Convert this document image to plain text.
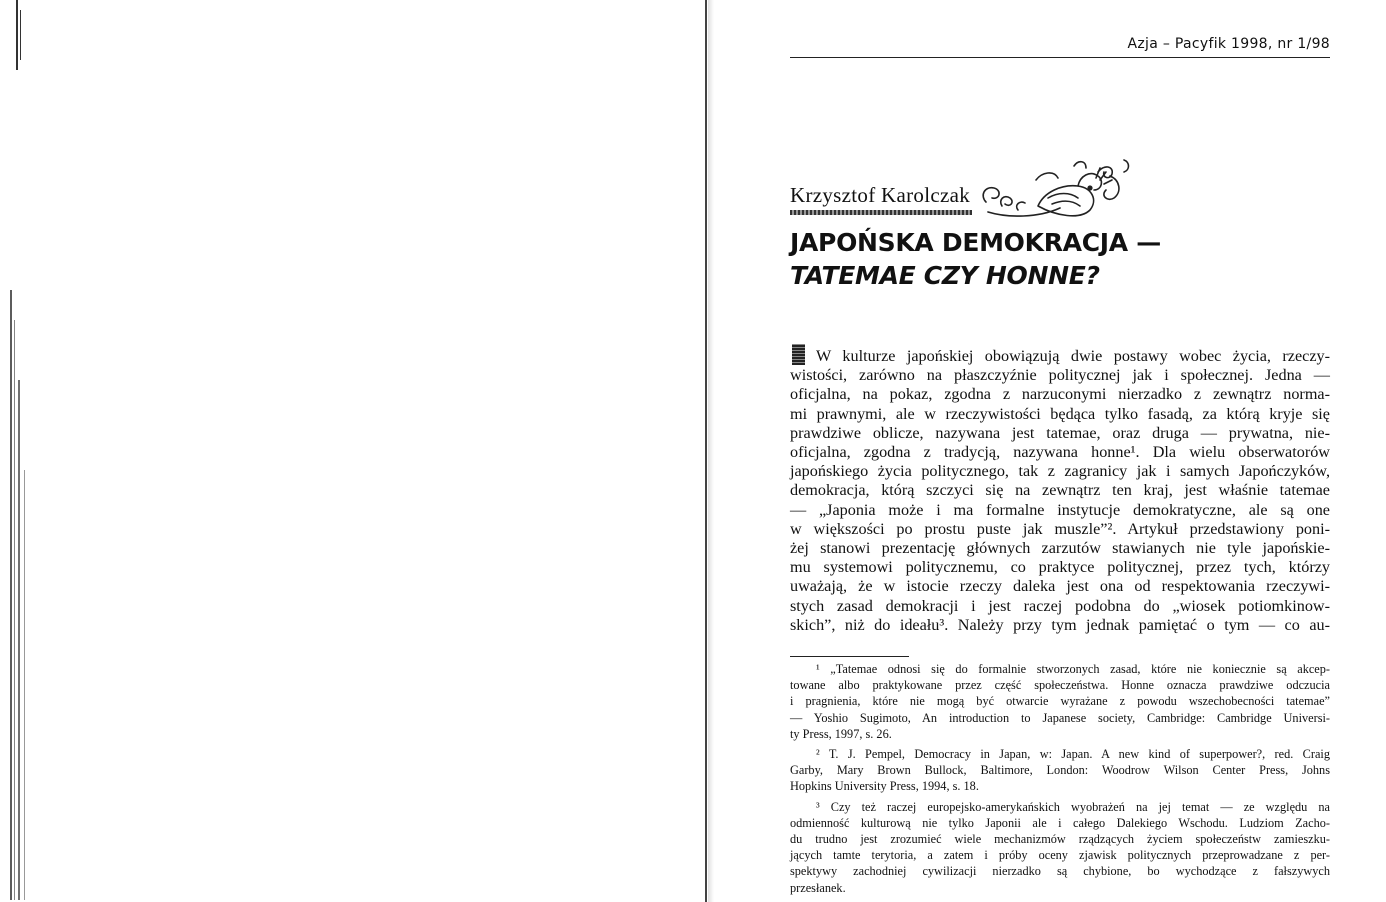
Azja – Pacyfik 1998, nr 1/98
Krzysztof Karolczak
JAPOŃSKA DEMOKRACJA —
TATEMAE CZY HONNE?
W kulturze japońskiej obowiązują dwie postawy wobec życia, rzeczy-
wistości, zarówno na płaszczyźnie politycznej jak i społecznej. Jedna —
oficjalna, na pokaz, zgodna z narzuconymi nierzadko z zewnątrz norma-
mi prawnymi, ale w rzeczywistości będąca tylko fasadą, za którą kryje się
prawdziwe oblicze, nazywana jest tatemae, oraz druga — prywatna, nie-
oficjalna, zgodna z tradycją, nazywana honne¹. Dla wielu obserwatorów
japońskiego życia politycznego, tak z zagranicy jak i samych Japończyków,
demokracja, którą szczyci się na zewnątrz ten kraj, jest właśnie tatemae
— „Japonia może i ma formalne instytucje demokratyczne, ale są one
w większości po prostu puste jak muszle”². Artykuł przedstawiony poni-
żej stanowi prezentację głównych zarzutów stawianych nie tyle japońskie-
mu systemowi politycznemu, co praktyce politycznej, przez tych, którzy
uważają, że w istocie rzeczy daleka jest ona od respektowania rzeczywi-
stych zasad demokracji i jest raczej podobna do „wiosek potiomkinow-
skich”, niż do ideału³. Należy przy tym jednak pamiętać o tym — co au-
¹ „Tatemae odnosi się do formalnie stworzonych zasad, które nie koniecznie są akcep-
towane albo praktykowane przez część społeczeństwa. Honne oznacza prawdziwe odczucia
i pragnienia, które nie mogą być otwarcie wyrażane z powodu wszechobecności tatemae”
— Yoshio Sugimoto, An introduction to Japanese society, Cambridge: Cambridge Universi-
ty Press, 1997, s. 26.
² T. J. Pempel, Democracy in Japan, w: Japan. A new kind of superpower?, red. Craig
Garby, Mary Brown Bullock, Baltimore, London: Woodrow Wilson Center Press, Johns
Hopkins University Press, 1994, s. 18.
³ Czy też raczej europejsko-amerykańskich wyobrażeń na jej temat — ze względu na
odmienność kulturową nie tylko Japonii ale i całego Dalekiego Wschodu. Ludziom Zacho-
du trudno jest zrozumieć wiele mechanizmów rządzących życiem społeczeństw zamieszku-
jących tamte terytoria, a zatem i próby oceny zjawisk politycznych przeprowadzane z per-
spektywy zachodniej cywilizacji nierzadko są chybione, bo wychodzące z fałszywych
przesłanek.
